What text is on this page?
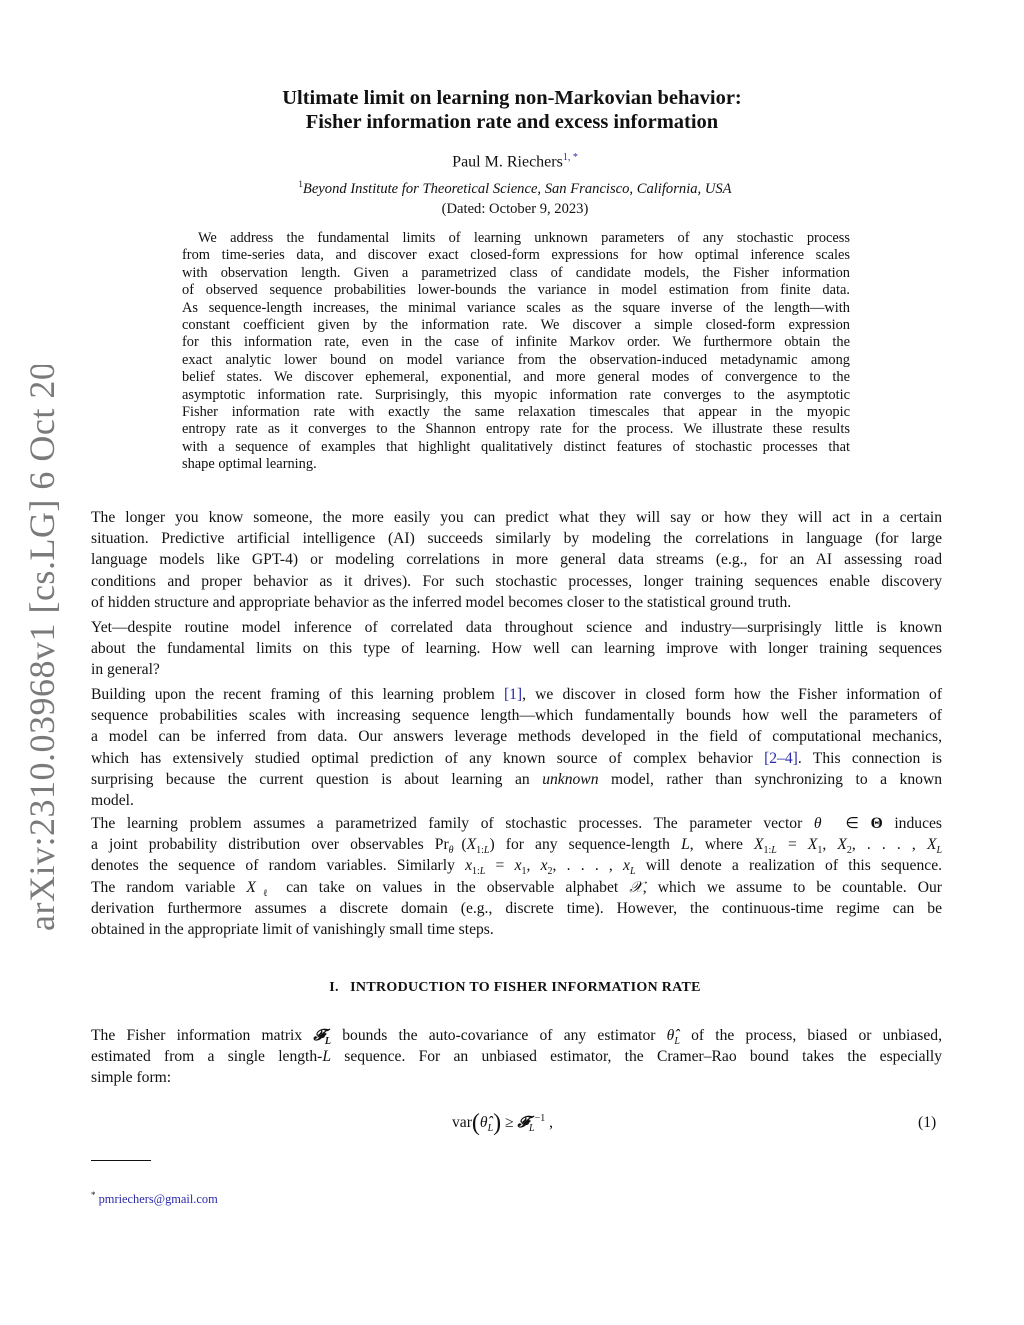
arXiv:2310.03968v1 [cs.LG] 6 Oct 2023
Ultimate limit on learning non-Markovian behavior:
Fisher information rate and excess information
Paul M. Riechers$^{1, *}$
$^1$Beyond Institute for Theoretical Science, San Francisco, California, USA
(Dated: October 9, 2023)
We address the fundamental limits of learning unknown parameters of any stochastic process
from time-series data, and discover exact closed-form expressions for how optimal inference scales
with observation length. Given a parametrized class of candidate models, the Fisher information
of observed sequence probabilities lower-bounds the variance in model estimation from finite data.
As sequence-length increases, the minimal variance scales as the square inverse of the length—with
constant coefficient given by the information rate. We discover a simple closed-form expression
for this information rate, even in the case of infinite Markov order. We furthermore obtain the
exact analytic lower bound on model variance from the observation-induced metadynamic among
belief states. We discover ephemeral, exponential, and more general modes of convergence to the
asymptotic information rate. Surprisingly, this myopic information rate converges to the asymptotic
Fisher information rate with exactly the same relaxation timescales that appear in the myopic
entropy rate as it converges to the Shannon entropy rate for the process. We illustrate these results
with a sequence of examples that highlight qualitatively distinct features of stochastic processes that
shape optimal learning.
The longer you know someone, the more easily you can predict what they will say or how they will act in a certain
situation. Predictive artificial intelligence (AI) succeeds similarly by modeling the correlations in language (for large
language models like GPT-4) or modeling correlations in more general data streams (e.g., for an AI assessing road
conditions and proper behavior as it drives). For such stochastic processes, longer training sequences enable discovery
of hidden structure and appropriate behavior as the inferred model becomes closer to the statistical ground truth.
Yet—despite routine model inference of correlated data throughout science and industry—surprisingly little is known
about the fundamental limits on this type of learning. How well can learning improve with longer training sequences
in general?
Building upon the recent framing of this learning problem [1], we discover in closed form how the Fisher information of
sequence probabilities scales with increasing sequence length—which fundamentally bounds how well the parameters of
a model can be inferred from data. Our answers leverage methods developed in the field of computational mechanics,
which has extensively studied optimal prediction of any known source of complex behavior [2–4]. This connection is
surprising because the current question is about learning an unknown model, rather than synchronizing to a known
model.
The learning problem assumes a parametrized family of stochastic processes. The parameter vector θ⃗ ∈ Θ induces
a joint probability distribution over observables $Pr_{\theta⃗}(X_{1:L})$ for any sequence-length L, where $X_{1:L} = X_1$, $X_2$, . . . , $X_L$
denotes the sequence of random variables. Similarly $x_{1:L} = x_1$, $x_2$, . . . , $x_L$ will denote a realization of this sequence.
The random variable $X_\ell$ can take on values in the observable alphabet 𝒳, which we assume to be countable. Our
derivation furthermore assumes a discrete domain (e.g., discrete time). However, the continuous-time regime can be
obtained in the appropriate limit of vanishingly small time steps.
I. INTRODUCTION TO FISHER INFORMATION RATE
The Fisher information matrix 𝓕$_L$ bounds the auto-covariance of any estimator $\thetâ_L$ of the process, biased or unbiased,
estimated from a single length-L sequence. For an unbiased estimator, the Cramer–Rao bound takes the especially
simple form:
$var(\thetâ_L)$ ≥ 𝓕$_L^{-1}$ ,	(1)
* pmriechers@gmail.com
